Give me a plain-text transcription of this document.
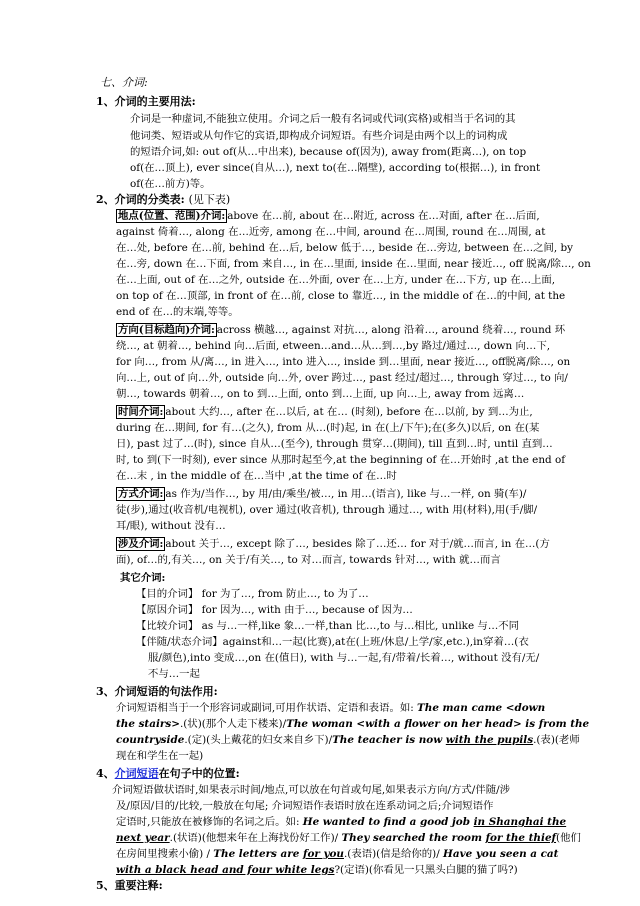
七、介词:
1、介词的主要用法:
介词是一种虚词,不能独立使用。介词之后一般有名词或代词(宾格)或相当于名词的其
他词类、短语或从句作它的宾语,即构成介词短语。有些介词是由两个以上的词构成
的短语介词,如: out of(从…中出来), because of(因为), away from(距离…), on top
of(在…顶上), ever since(自从…), next to(在…隔壁), according to(根据…), in front
of(在…前方)等。
2、介词的分类表: (见下表)
地点(位置、范围)介词: above 在…前, about 在…附近, across 在…对面, after 在…后面,
against 倚着…, along 在…近旁, among 在…中间, around 在…周围, round 在…周围, at
在…处, before 在…前, behind 在…后, below 低于…, beside 在…旁边, between 在…之间, by
在…旁, down 在…下面, from 来自…, in 在…里面, inside 在…里面, near 接近…, off 脱离/除…, on
在…上面, out of 在…之外, outside 在…外面, over 在…上方, under 在…下方, up 在…上面,
on top of 在…顶部, in front of 在…前, close to 靠近…, in the middle of 在…的中间, at the
end of 在…的末端,等等。
方向(目标趋向)介词: across 横越…, against 对抗…, along 沿着…, around 绕着…, round 环
绕…, at 朝着…, behind 向…后面, etween…and…从…到…,by 路过/通过…, down 向…下,
for 向…, from 从/离…, in 进入…, into 进入…, inside 到…里面, near 接近…, off脱离/除…, on
向…上, out of 向…外, outside 向…外, over 跨过…, past 经过/超过…, through 穿过…, to 向/
朝…, towards 朝着…, on to 到…上面, onto 到…上面, up 向…上, away from 远离…
时间介词: about 大约…, after 在…以后, at 在… (时刻), before 在…以前, by 到…为止,
during 在…期间, for 有…(之久), from 从…(时)起, in 在(上/下午);在(多久)以后, on 在(某
日), past 过了…(时), since 自从…(至今), through 贯穿…(期间), till 直到…时, until 直到…
时, to 到(下一时刻), ever since 从那时起至今,at the beginning of 在…开始时 ,at the end of
在…末 , in the middle of 在…当中 ,at the time of 在…时
方式介词: as 作为/当作…, by 用/由/乘坐/被…, in 用…(语言), like 与…一样, on 骑(车)/
徒(步),通过(收音机/电视机), over 通过(收音机), through 通过…, with 用(材料),用(手/脚/
耳/眼), without 没有…
涉及介词: about 关于…, except 除了…, besides 除了…还… for 对于/就…而言, in 在…(方
面), of…的,有关…, on 关于/有关…, to 对…而言, towards 针对…, with 就…而言
其它介词:
【目的介词】 for 为了…, from 防止…, to 为了…
【原因介词】 for 因为…, with 由于…, because of 因为…
【比较介词】 as 与…一样,like 象…一样,than 比…,to 与…相比, unlike 与…不同
【伴随/状态介词】against和…一起(比赛),at在(上班/休息/上学/家,etc.),in穿着…(衣
服/颜色),into 变成…,on 在(值日), with 与…一起,有/带着/长着…, without 没有/无/
不与…一起
3、介词短语的句法作用:
介词短语相当于一个形容词或副词,可用作状语、定语和表语。如: The man came <down
the stairs>.(状)(那个人走下楼来)/The woman <with a flower on her head> is from the
countryside.(定)(头上戴花的妇女来自乡下)/The teacher is now with the pupils.(表)(老师
现在和学生在一起)
4、介词短语在句子中的位置:
介词短语做状语时,如果表示时间/地点,可以放在句首或句尾,如果表示方向/方式/伴随/涉
及/原因/目的/比较,一般放在句尾; 介词短语作表语时放在连系动词之后;介词短语作
定语时,只能放在被修饰的名词之后。如: He wanted to find a good job in Shanghai the
next year.(状语)(他想来年在上海找份好工作)/ They searched the room for the thief(他们
在房间里搜索小偷) / The letters are for you.(表语)(信是给你的)/ Have you seen a cat
with a black head and four white legs?(定语)(你看见一只黑头白腿的猫了吗?)
5、重要注释:
